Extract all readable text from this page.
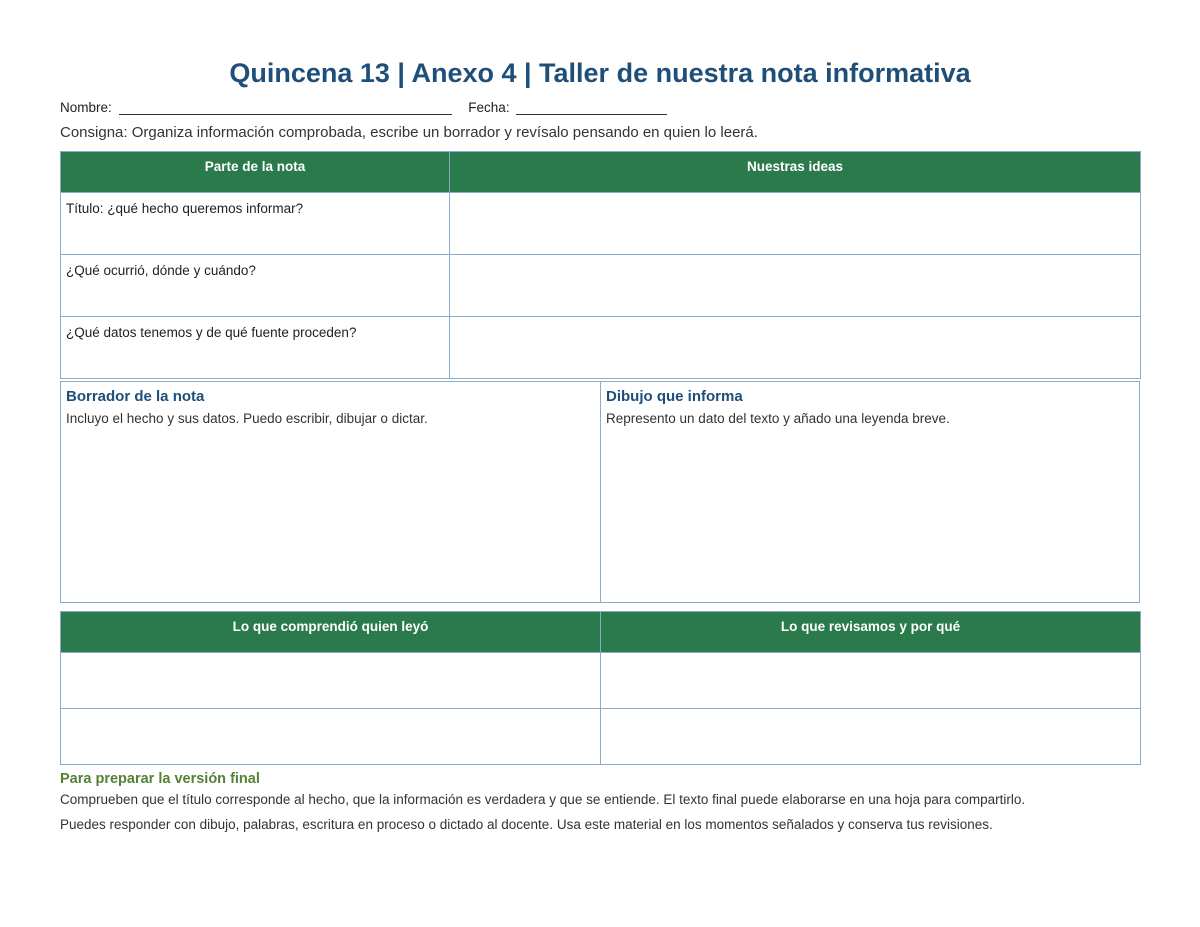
Quincena 13 | Anexo 4 | Taller de nuestra nota informativa
Nombre:	Fecha:
Consigna: Organiza información comprobada, escribe un borrador y revísalo pensando en quien lo leerá.
Parte de la nota	Nuestras ideas
Título: ¿qué hecho queremos informar?	
¿Qué ocurrió, dónde y cuándo?	
¿Qué datos tenemos y de qué fuente proceden?	
Borrador de la nota
Incluyo el hecho y sus datos. Puedo escribir, dibujar o dictar.
Dibujo que informa
Represento un dato del texto y añado una leyenda breve.
Lo que comprendió quien leyó	Lo que revisamos y por qué

Para preparar la versión final
Comprueben que el título corresponde al hecho, que la información es verdadera y que se entiende. El texto final puede elaborarse en una hoja para compartirlo.
Puedes responder con dibujo, palabras, escritura en proceso o dictado al docente. Usa este material en los momentos señalados y conserva tus revisiones.
